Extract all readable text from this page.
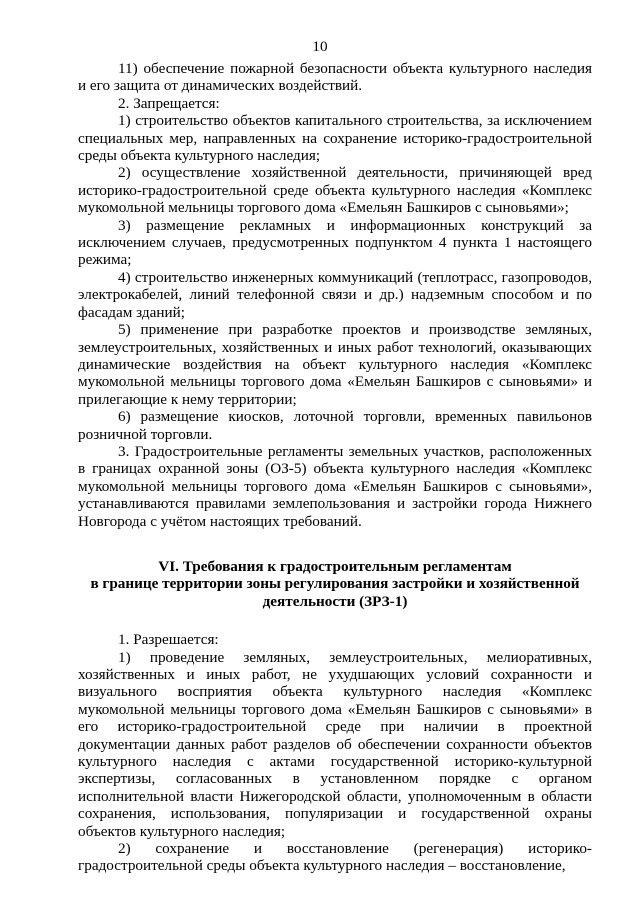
10

11) обеспечение пожарной безопасности объекта культурного наследия и его защита от динамических воздействий.

2. Запрещается:

1) строительство объектов капитального строительства, за исключением специальных мер, направленных на сохранение историко-градостроительной среды объекта культурного наследия;

2) осуществление хозяйственной деятельности, причиняющей вред историко-градостроительной среде объекта культурного наследия «Комплекс мукомольной мельницы торгового дома «Емельян Башкиров с сыновьями»;

3) размещение рекламных и информационных конструкций за исключением случаев, предусмотренных подпунктом 4 пункта 1 настоящего режима;

4) строительство инженерных коммуникаций (теплотрасс, газопроводов, электрокабелей, линий телефонной связи и др.) надземным способом и по фасадам зданий;

5) применение при разработке проектов и производстве земляных, землеустроительных, хозяйственных и иных работ технологий, оказывающих динамические воздействия на объект культурного наследия «Комплекс мукомольной мельницы торгового дома «Емельян Башкиров с сыновьями» и прилегающие к нему территории;

6) размещение киосков, лоточной торговли, временных павильонов розничной торговли.

3. Градостроительные регламенты земельных участков, расположенных в границах охранной зоны (ОЗ-5) объекта культурного наследия «Комплекс мукомольной мельницы торгового дома «Емельян Башкиров с сыновьями», устанавливаются правилами землепользования и застройки города Нижнего Новгорода с учётом настоящих требований.

VI. Требования к градостроительным регламентам
в границе территории зоны регулирования застройки и хозяйственной
деятельности (ЗРЗ-1)

1. Разрешается:

1) проведение земляных, землеустроительных, мелиоративных, хозяйственных и иных работ, не ухудшающих условий сохранности и визуального восприятия объекта культурного наследия «Комплекс мукомольной мельницы торгового дома «Емельян Башкиров с сыновьями» в его историко-градостроительной среде при наличии в проектной документации данных работ разделов об обеспечении сохранности объектов культурного наследия с актами государственной историко-культурной экспертизы, согласованных в установленном порядке с органом исполнительной власти Нижегородской области, уполномоченным в области сохранения, использования, популяризации и государственной охраны объектов культурного наследия;

2) сохранение и восстановление (регенерация) историко-градостроительной среды объекта культурного наследия – восстановление,
